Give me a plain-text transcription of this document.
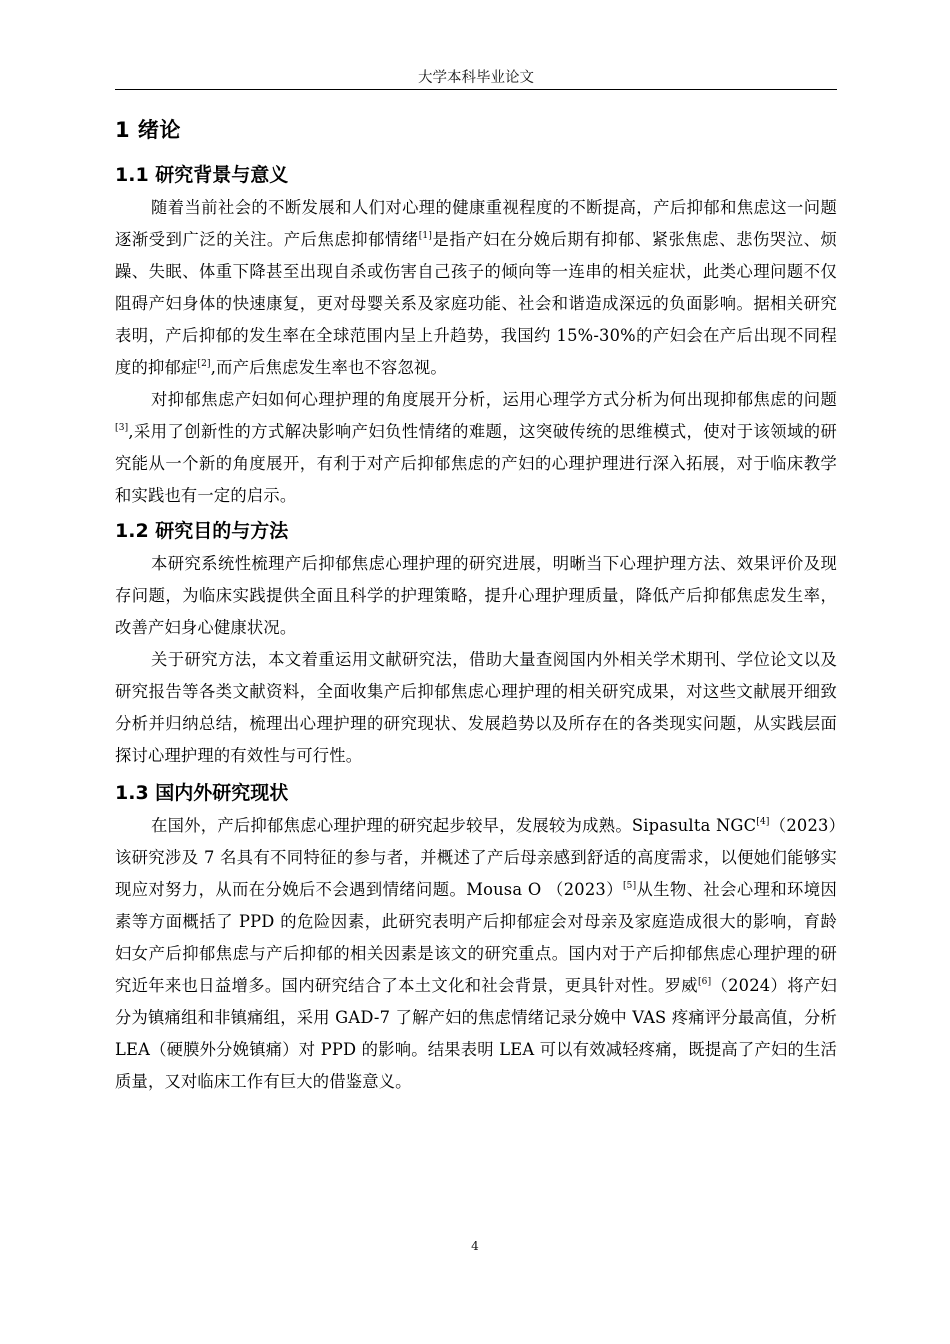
大学本科毕业论文
1 绪论
1.1 研究背景与意义

随着当前社会的不断发展和人们对心理的健康重视程度的不断提高，产后抑郁和焦虑这一问题逐渐受到广泛的关注。产后焦虑抑郁情绪[1]是指产妇在分娩后期有抑郁、紧张焦虑、悲伤哭泣、烦躁、失眠、体重下降甚至出现自杀或伤害自己孩子的倾向等一连串的相关症状，此类心理问题不仅阻碍产妇身体的快速康复，更对母婴关系及家庭功能、社会和谐造成深远的负面影响。据相关研究表明，产后抑郁的发生率在全球范围内呈上升趋势，我国约 15%-30%的产妇会在产后出现不同程度的抑郁症[2],而产后焦虑发生率也不容忽视。

对抑郁焦虑产妇如何心理护理的角度展开分析，运用心理学方式分析为何出现抑郁焦虑的问题[3],采用了创新性的方式解决影响产妇负性情绪的难题，这突破传统的思维模式，使对于该领域的研究能从一个新的角度展开，有利于对产后抑郁焦虑的产妇的心理护理进行深入拓展，对于临床教学和实践也有一定的启示。

1.2 研究目的与方法

本研究系统性梳理产后抑郁焦虑心理护理的研究进展，明晰当下心理护理方法、效果评价及现存问题，为临床实践提供全面且科学的护理策略，提升心理护理质量，降低产后抑郁焦虑发生率，改善产妇身心健康状况。

关于研究方法，本文着重运用文献研究法，借助大量查阅国内外相关学术期刊、学位论文以及研究报告等各类文献资料，全面收集产后抑郁焦虑心理护理的相关研究成果，对这些文献展开细致分析并归纳总结，梳理出心理护理的研究现状、发展趋势以及所存在的各类现实问题，从实践层面探讨心理护理的有效性与可行性。

1.3 国内外研究现状

在国外，产后抑郁焦虑心理护理的研究起步较早，发展较为成熟。Sipasulta NGC[4]（2023）该研究涉及 7 名具有不同特征的参与者，并概述了产后母亲感到舒适的高度需求，以便她们能够实现应对努力，从而在分娩后不会遇到情绪问题。Mousa O （2023）[5]从生物、社会心理和环境因素等方面概括了 PPD 的危险因素，此研究表明产后抑郁症会对母亲及家庭造成很大的影响，育龄妇女产后抑郁焦虑与产后抑郁的相关因素是该文的研究重点。国内对于产后抑郁焦虑心理护理的研究近年来也日益增多。国内研究结合了本土文化和社会背景，更具针对性。罗威[6]（2024）将产妇分为镇痛组和非镇痛组，采用 GAD-7 了解产妇的焦虑情绪记录分娩中 VAS 疼痛评分最高值，分析 LEA（硬膜外分娩镇痛）对 PPD 的影响。结果表明 LEA 可以有效减轻疼痛，既提高了产妇的生活质量，又对临床工作有巨大的借鉴意义。

4
